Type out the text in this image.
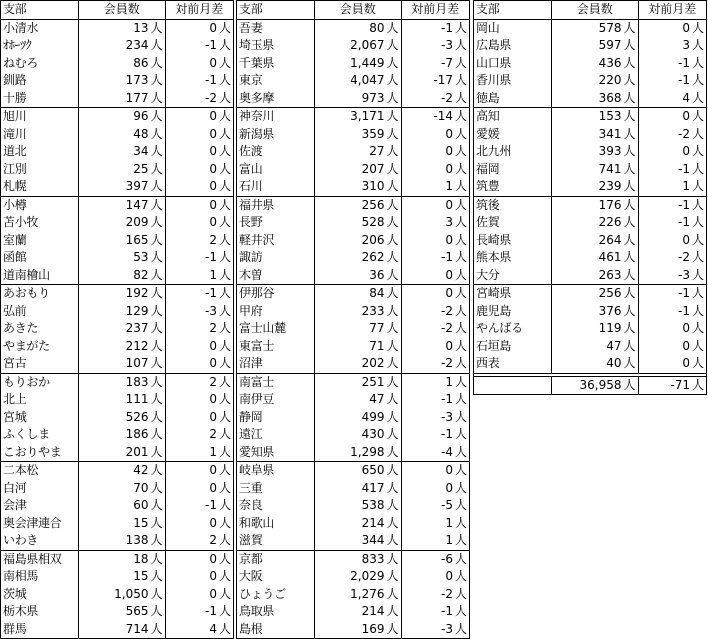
支部	会員数		対前月差	
小清水	13	人	0	人
ｵﾎｰﾂｸ	234	人	-1	人
ねむろ	86	人	0	人
釧路	173	人	-1	人
十勝	177	人	-2	人
旭川	96	人	0	人
滝川	48	人	0	人
道北	34	人	0	人
江別	25	人	0	人
札幌	397	人	0	人
小樽	147	人	0	人
苫小牧	209	人	0	人
室蘭	165	人	2	人
函館	53	人	-1	人
道南檜山	82	人	1	人
あおもり	192	人	-1	人
弘前	129	人	-3	人
あきた	237	人	2	人
やまがた	212	人	0	人
宮古	107	人	0	人
もりおか	183	人	2	人
北上	111	人	0	人
宮城	526	人	0	人
ふくしま	186	人	2	人
こおりやま	201	人	1	人
二本松	42	人	0	人
白河	70	人	0	人
会津	60	人	-1	人
奥会津連合	15	人	0	人
いわき	138	人	2	人
福島県相双	18	人	0	人
南相馬	15	人	0	人
茨城	1,050	人	0	人
栃木県	565	人	-1	人
群馬	714	人	4	人
支部	会員数		対前月差	
吾妻	80	人	-1	人
埼玉県	2,067	人	-3	人
千葉県	1,449	人	-7	人
東京	4,047	人	-17	人
奥多摩	973	人	-2	人
神奈川	3,171	人	-14	人
新潟県	359	人	0	人
佐渡	27	人	0	人
富山	207	人	0	人
石川	310	人	1	人
福井県	256	人	0	人
長野	528	人	3	人
軽井沢	206	人	0	人
諏訪	262	人	-1	人
木曽	36	人	0	人
伊那谷	84	人	0	人
甲府	233	人	-2	人
富士山麓	77	人	-2	人
東富士	71	人	0	人
沼津	202	人	-2	人
南富士	251	人	1	人
南伊豆	47	人	-1	人
静岡	499	人	-3	人
遠江	430	人	-1	人
愛知県	1,298	人	-4	人
岐阜県	650	人	0	人
三重	417	人	0	人
奈良	538	人	-5	人
和歌山	214	人	1	人
滋賀	344	人	1	人
京都	833	人	-6	人
大阪	2,029	人	0	人
ひょうご	1,276	人	-2	人
鳥取県	214	人	-1	人
島根	169	人	-3	人
支部	会員数		対前月差	
岡山	578	人	0	人
広島県	597	人	3	人
山口県	436	人	-1	人
香川県	220	人	-1	人
徳島	368	人	4	人
高知	153	人	0	人
愛媛	341	人	-2	人
北九州	393	人	0	人
福岡	741	人	-1	人
筑豊	239	人	1	人
筑後	176	人	-1	人
佐賀	226	人	-1	人
長崎県	264	人	0	人
熊本県	461	人	-2	人
大分	263	人	-3	人
宮崎県	256	人	-1	人
鹿児島	376	人	-1	人
やんばる	119	人	0	人
石垣島	47	人	0	人
西表	40	人	0	人

	36,958	人	-71	人
